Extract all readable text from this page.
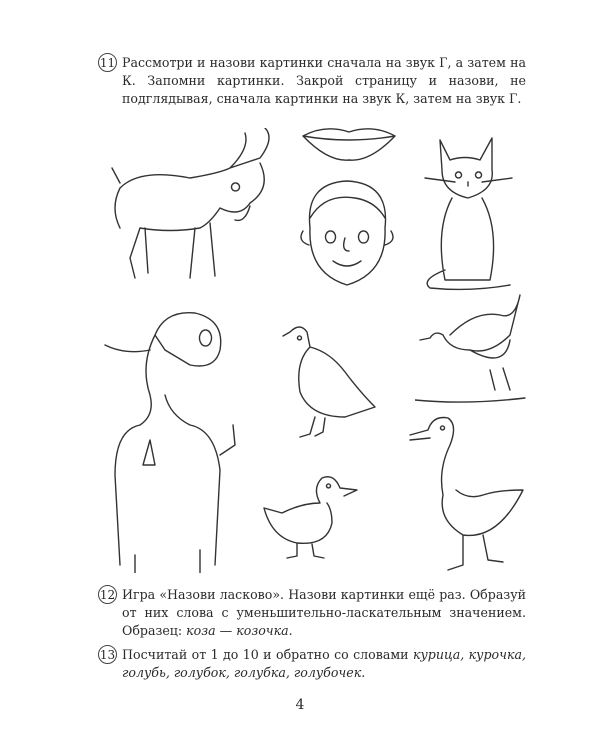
11 Рассмотри и назови картинки сначала на звук Г, а затем на К. Запомни картинки. Закрой страницу и назови, не подглядывая, сначала картинки на звук К, затем на звук Г.
12 Игра «Назови ласково». Назови картинки ещё раз. Образуй от них слова с уменьшительно-ласкательным значением. Образец: коза — козочка.
13 Посчитай от 1 до 10 и обратно со словами курица, курочка, голубь, голубок, голубка, голубочек.
4
